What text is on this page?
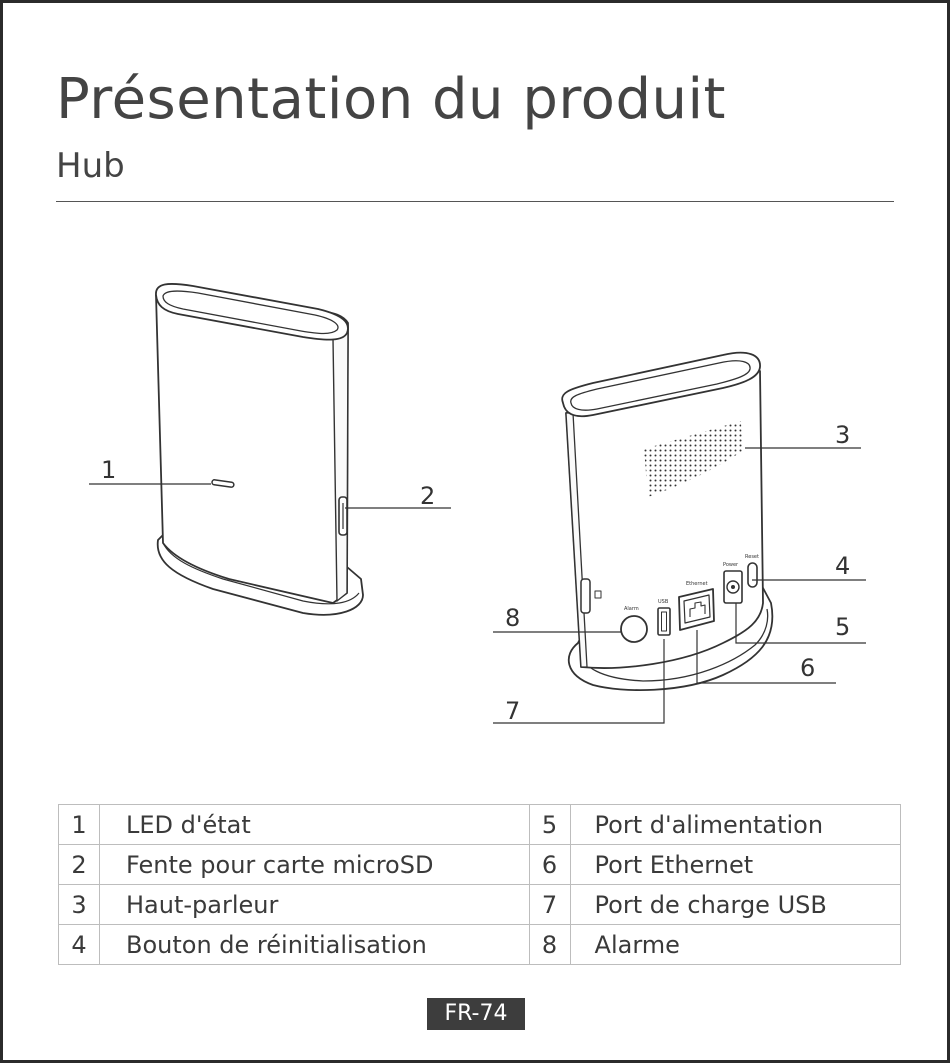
Présentation du produit
Hub
Alarm
USB
Ethernet
Power
Reset
1
2
3
4
5
6
7
8
1	LED d'état	5	Port d'alimentation
2	Fente pour carte microSD	6	Port Ethernet
3	Haut-parleur	7	Port de charge USB
4	Bouton de réinitialisation	8	Alarme
FR-74
